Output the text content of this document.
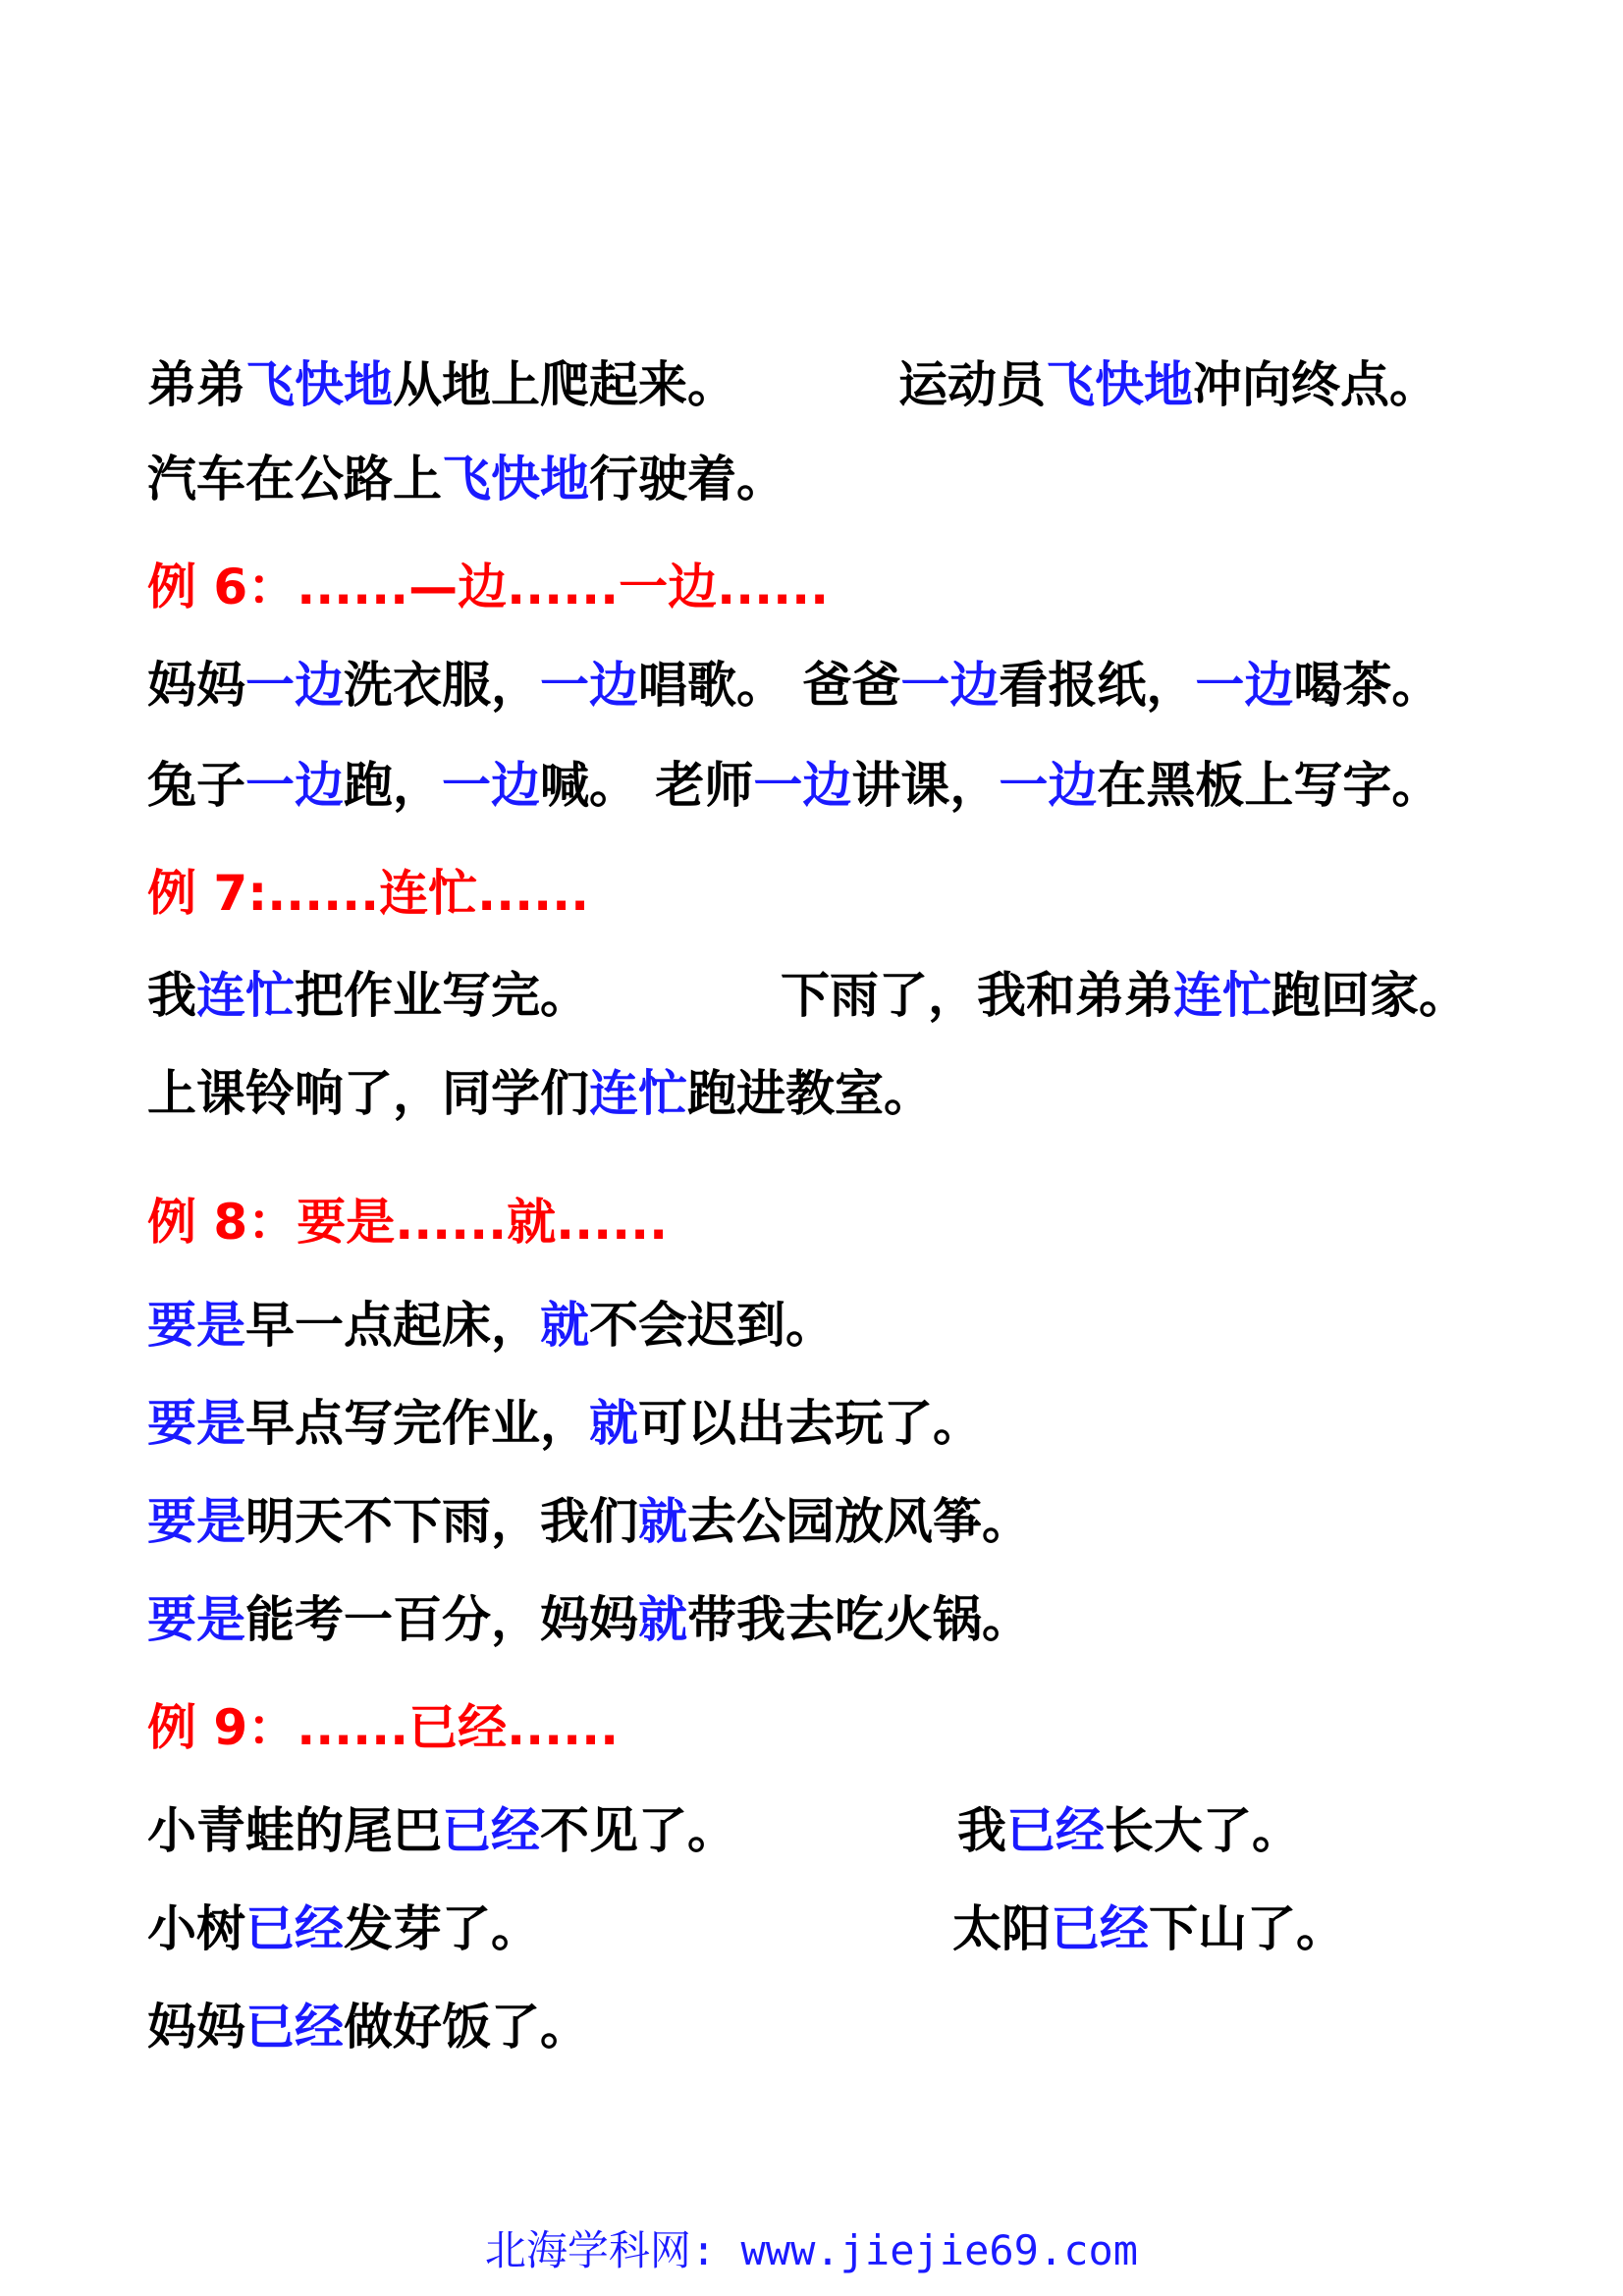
弟弟飞快地从地上爬起来。	运动员飞快地冲向终点。
汽车在公路上飞快地行驶着。
例 6：......—边......一边......
妈妈一边洗衣服，一边唱歌。 爸爸一边看报纸，一边喝茶。
兔子一边跑，一边喊。 老师一边讲课，一边在黑板上写字。
例 7:......连忙......
我连忙把作业写完。	下雨了，我和弟弟连忙跑回家。
上课铃响了，同学们连忙跑进教室。
例 8：要是......就......
要是早一点起床，就不会迟到。
要是早点写完作业，就可以出去玩了。
要是明天不下雨，我们就去公园放风筝。
要是能考一百分，妈妈就带我去吃火锅。
例 9：......已经......
小青蛙的尾巴已经不见了。	我已经长大了。
小树已经发芽了。	太阳已经下山了。
妈妈已经做好饭了。
北海学科网: www.jiejie69.com
